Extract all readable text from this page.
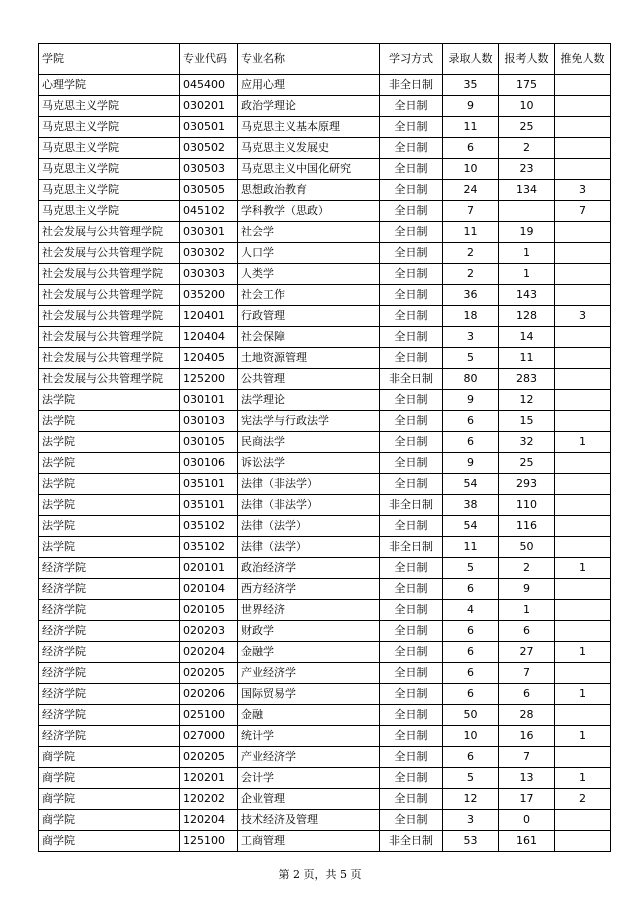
学院	专业代码	专业名称	学习方式	录取人数	报考人数	推免人数
心理学院	045400	应用心理	非全日制	35	175	
马克思主义学院	030201	政治学理论	全日制	9	10	
马克思主义学院	030501	马克思主义基本原理	全日制	11	25	
马克思主义学院	030502	马克思主义发展史	全日制	6	2	
马克思主义学院	030503	马克思主义中国化研究	全日制	10	23	
马克思主义学院	030505	思想政治教育	全日制	24	134	3
马克思主义学院	045102	学科教学（思政）	全日制	7		7
社会发展与公共管理学院	030301	社会学	全日制	11	19	
社会发展与公共管理学院	030302	人口学	全日制	2	1	
社会发展与公共管理学院	030303	人类学	全日制	2	1	
社会发展与公共管理学院	035200	社会工作	全日制	36	143	
社会发展与公共管理学院	120401	行政管理	全日制	18	128	3
社会发展与公共管理学院	120404	社会保障	全日制	3	14	
社会发展与公共管理学院	120405	土地资源管理	全日制	5	11	
社会发展与公共管理学院	125200	公共管理	非全日制	80	283	
法学院	030101	法学理论	全日制	9	12	
法学院	030103	宪法学与行政法学	全日制	6	15	
法学院	030105	民商法学	全日制	6	32	1
法学院	030106	诉讼法学	全日制	9	25	
法学院	035101	法律（非法学）	全日制	54	293	
法学院	035101	法律（非法学）	非全日制	38	110	
法学院	035102	法律（法学）	全日制	54	116	
法学院	035102	法律（法学）	非全日制	11	50	
经济学院	020101	政治经济学	全日制	5	2	1
经济学院	020104	西方经济学	全日制	6	9	
经济学院	020105	世界经济	全日制	4	1	
经济学院	020203	财政学	全日制	6	6	
经济学院	020204	金融学	全日制	6	27	1
经济学院	020205	产业经济学	全日制	6	7	
经济学院	020206	国际贸易学	全日制	6	6	1
经济学院	025100	金融	全日制	50	28	
经济学院	027000	统计学	全日制	10	16	1
商学院	020205	产业经济学	全日制	6	7	
商学院	120201	会计学	全日制	5	13	1
商学院	120202	企业管理	全日制	12	17	2
商学院	120204	技术经济及管理	全日制	3	0	
商学院	125100	工商管理	非全日制	53	161	
第 2 页，共 5 页
